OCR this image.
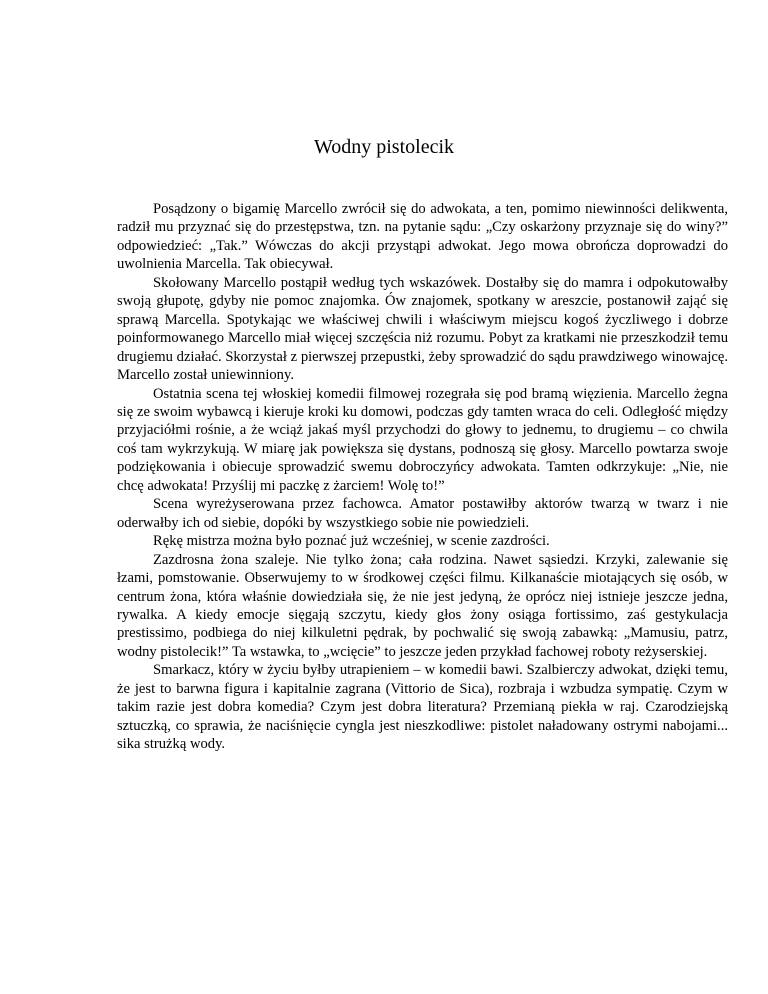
Wodny pistolecik

Posądzony o bigamię Marcello zwrócił się do adwokata, a ten, pomimo niewinności delikwenta, radził mu przyznać się do przestępstwa, tzn. na pytanie sądu: „Czy oskarżony przyznaje się do winy?” odpowiedzieć: „Tak.” Wówczas do akcji przystąpi adwokat. Jego mowa obrończa doprowadzi do uwolnienia Marcella. Tak obiecywał.

Skołowany Marcello postąpił według tych wskazówek. Dostałby się do mamra i odpokutowałby swoją głupotę, gdyby nie pomoc znajomka. Ów znajomek, spotkany w areszcie, postanowił zająć się sprawą Marcella. Spotykając we właściwej chwili i właściwym miejscu kogoś życzliwego i dobrze poinformowanego Marcello miał więcej szczęścia niż rozumu. Pobyt za kratkami nie przeszkodził temu drugiemu działać. Skorzystał z pierwszej przepustki, żeby sprowadzić do sądu prawdziwego winowajcę. Marcello został uniewinniony.

Ostatnia scena tej włoskiej komedii filmowej rozegrała się pod bramą więzienia. Marcello żegna się ze swoim wybawcą i kieruje kroki ku domowi, podczas gdy tamten wraca do celi. Odległość między przyjaciółmi rośnie, a że wciąż jakaś myśl przychodzi do głowy to jednemu, to drugiemu – co chwila coś tam wykrzykują. W miarę jak powiększa się dystans, podnoszą się głosy. Marcello powtarza swoje podziękowania i obiecuje sprowadzić swemu dobroczyńcy adwokata. Tamten odkrzykuje: „Nie, nie chcę adwokata! Przyślij mi paczkę z żarciem! Wolę to!”

Scena wyreżyserowana przez fachowca. Amator postawiłby aktorów twarzą w twarz i nie oderwałby ich od siebie, dopóki by wszystkiego sobie nie powiedzieli.

Rękę mistrza można było poznać już wcześniej, w scenie zazdrości.

Zazdrosna żona szaleje. Nie tylko żona; cała rodzina. Nawet sąsiedzi. Krzyki, zalewanie się łzami, pomstowanie. Obserwujemy to w środkowej części filmu. Kilkanaście miotających się osób, w centrum żona, która właśnie dowiedziała się, że nie jest jedyną, że oprócz niej istnieje jeszcze jedna, rywalka. A kiedy emocje sięgają szczytu, kiedy głos żony osiąga fortissimo, zaś gestykulacja prestissimo, podbiega do niej kilkuletni pędrak, by pochwalić się swoją zabawką: „Mamusiu, patrz, wodny pistolecik!” Ta wstawka, to „wcięcie” to jeszcze jeden przykład fachowej roboty reżyserskiej.

Smarkacz, który w życiu byłby utrapieniem – w komedii bawi. Szalbierczy adwokat, dzięki temu, że jest to barwna figura i kapitalnie zagrana (Vittorio de Sica), rozbraja i wzbudza sympatię. Czym w takim razie jest dobra komedia? Czym jest dobra literatura? Przemianą piekła w raj. Czarodziejską sztuczką, co sprawia, że naciśnięcie cyngla jest nieszkodliwe: pistolet naładowany ostrymi nabojami... sika strużką wody.
